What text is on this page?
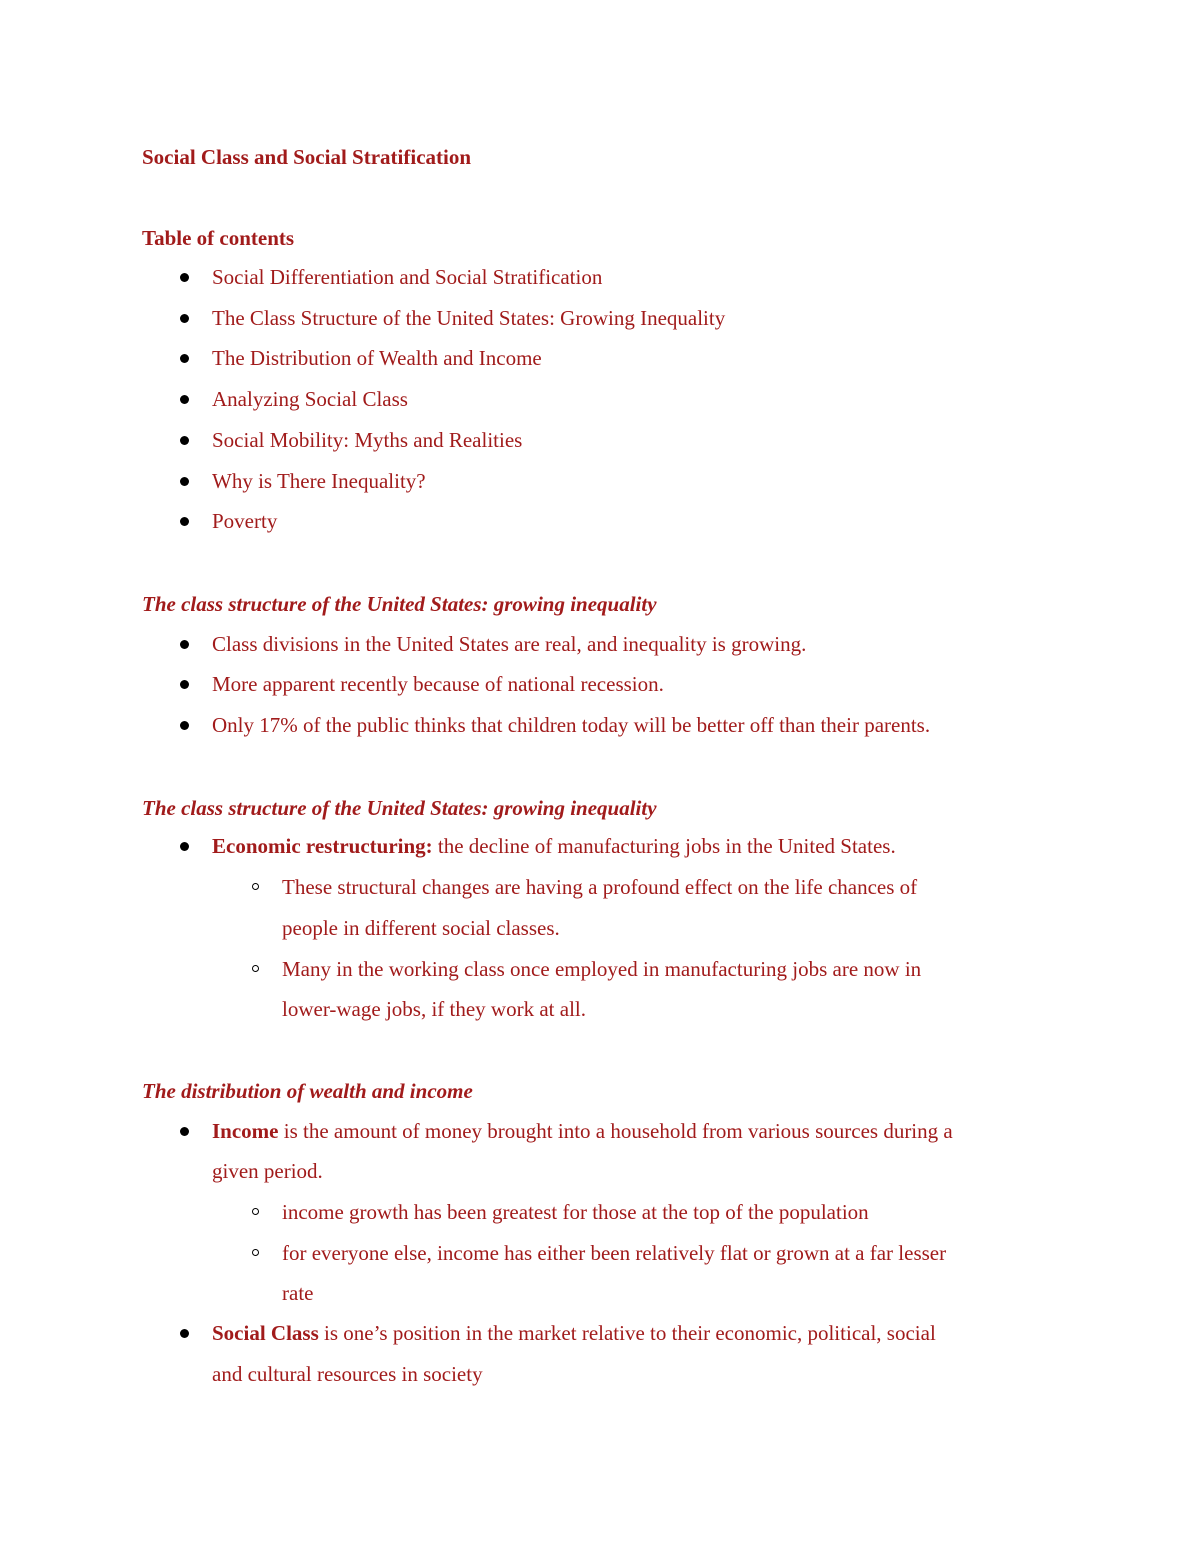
Social Class and Social Stratification
Table of contents
Social Differentiation and Social Stratification
The Class Structure of the United States: Growing Inequality
The Distribution of Wealth and Income
Analyzing Social Class
Social Mobility: Myths and Realities
Why is There Inequality?
Poverty
The class structure of the United States: growing inequality
Class divisions in the United States are real, and inequality is growing.
More apparent recently because of national recession.
Only 17% of the public thinks that children today will be better off than their parents.
The class structure of the United States: growing inequality
Economic restructuring: the decline of manufacturing jobs in the United States.
These structural changes are having a profound effect on the life chances of
people in different social classes.
Many in the working class once employed in manufacturing jobs are now in
lower-wage jobs, if they work at all.
The distribution of wealth and income
Income is the amount of money brought into a household from various sources during a
given period.
income growth has been greatest for those at the top of the population
for everyone else, income has either been relatively flat or grown at a far lesser
rate
Social Class is one’s position in the market relative to their economic, political, social
and cultural resources in society
